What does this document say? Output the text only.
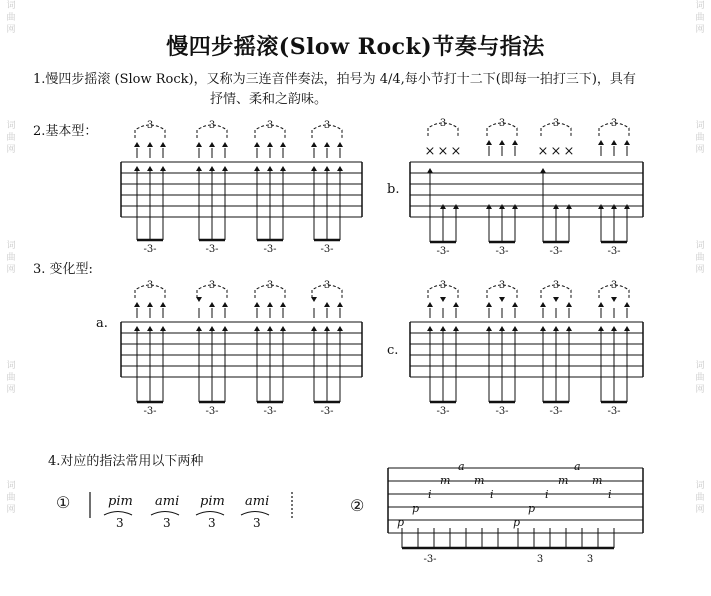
慢四步摇滚(Slow Rock)节奏与指法
1.慢四步摇滚 (Slow Rock)，又称为三连音伴奏法，拍号为 4/4,每小节打十二下(即每一拍打三下)，具有
抒情、柔和之韵味。
2.基本型：
3. 变化型:
4.对应的指法常用以下两种
b.
a.
c.
词
曲
网
词
曲
网
词
曲
网
词
曲
网
词
曲
网
词
曲
网
词
曲
网
词
曲
网
词
曲
网
词
曲
网
3
-3-
3
-3-
3
-3-
3
-3-
3
× × ×
-3-
3
-3-
3
× × ×
-3-
3
-3-
3
-3-
3
-3-
3
-3-
3
-3-
3
-3-
3
-3-
3
-3-
3
-3-
-3-	3	3
①	pim ami pim ami
3	3	3	3
②
a	a
m m	m m
i	i	i	i
p	p
p	p
